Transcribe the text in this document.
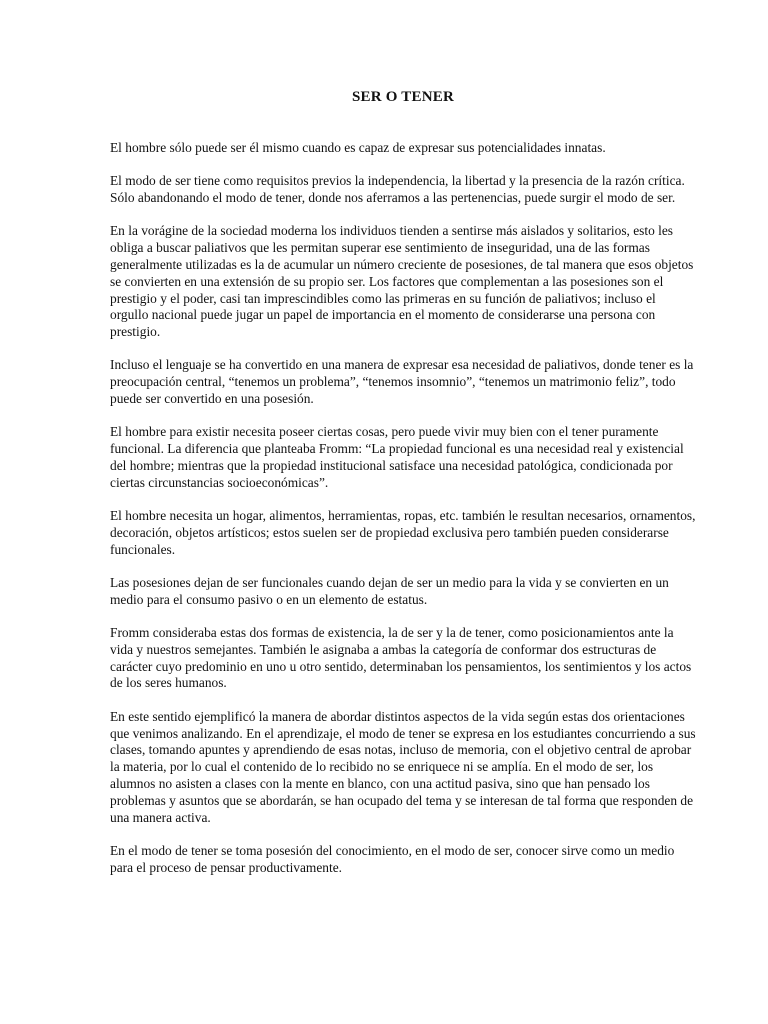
SER O TENER

El hombre sólo puede ser él mismo cuando es capaz de expresar sus potencialidades innatas.

El modo de ser tiene como requisitos previos la independencia, la libertad y la presencia de la razón crítica. Sólo abandonando el modo de tener, donde nos aferramos a las pertenencias, puede surgir el modo de ser.

En la vorágine de la sociedad moderna los individuos tienden a sentirse más aislados y solitarios, esto les obliga a buscar paliativos que les permitan superar ese sentimiento de inseguridad, una de las formas generalmente utilizadas es la de acumular un número creciente de posesiones, de tal manera que esos objetos se convierten en una extensión de su propio ser. Los factores que complementan a las posesiones son el prestigio y el poder, casi tan imprescindibles como las primeras en su función de paliativos; incluso el orgullo nacional puede jugar un papel de importancia en el momento de considerarse una persona con prestigio.

Incluso el lenguaje se ha convertido en una manera de expresar esa necesidad de paliativos, donde tener es la preocupación central, “tenemos un problema”, “tenemos insomnio”, “tenemos un matrimonio feliz”, todo puede ser convertido en una posesión.

El hombre para existir necesita poseer ciertas cosas, pero puede vivir muy bien con el tener puramente funcional. La diferencia que planteaba Fromm: “La propiedad funcional es una necesidad real y existencial del hombre; mientras que la propiedad institucional satisface una necesidad patológica, condicionada por ciertas circunstancias socioeconómicas”.

El hombre necesita un hogar, alimentos, herramientas, ropas, etc. también le resultan necesarios, ornamentos, decoración, objetos artísticos; estos suelen ser de propiedad exclusiva pero también pueden considerarse funcionales.

Las posesiones dejan de ser funcionales cuando dejan de ser un medio para la vida y se convierten en un medio para el consumo pasivo o en un elemento de estatus.

Fromm consideraba estas dos formas de existencia, la de ser y la de tener, como posicionamientos ante la vida y nuestros semejantes. También le asignaba a ambas la categoría de conformar dos estructuras de carácter cuyo predominio en uno u otro sentido, determinaban los pensamientos, los sentimientos y los actos de los seres humanos.

En este sentido ejemplificó la manera de abordar distintos aspectos de la vida según estas dos orientaciones que venimos analizando. En el aprendizaje, el modo de tener se expresa en los estudiantes concurriendo a sus clases, tomando apuntes y aprendiendo de esas notas, incluso de memoria, con el objetivo central de aprobar la materia, por lo cual el contenido de lo recibido no se enriquece ni se amplía. En el modo de ser, los alumnos no asisten a clases con la mente en blanco, con una actitud pasiva, sino que han pensado los problemas y asuntos que se abordarán, se han ocupado del tema y se interesan de tal forma que responden de una manera activa.

En el modo de tener se toma posesión del conocimiento, en el modo de ser, conocer sirve como un medio para el proceso de pensar productivamente.
